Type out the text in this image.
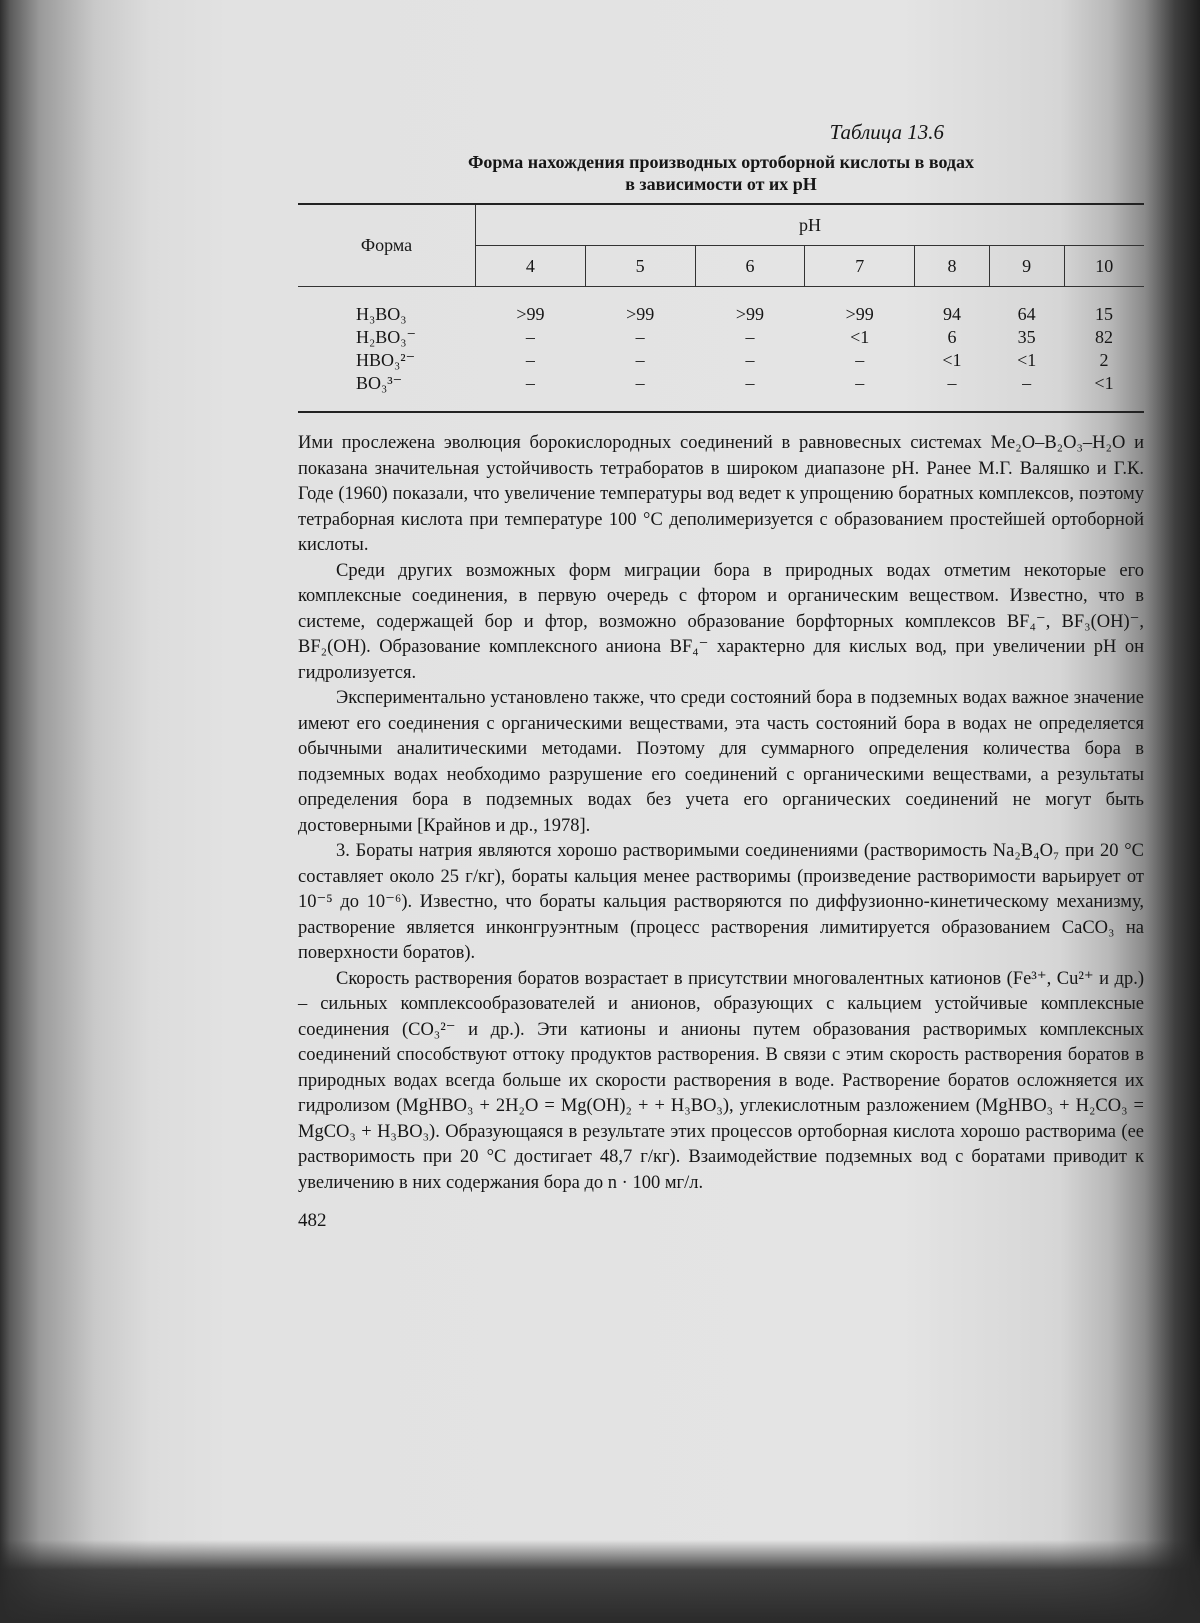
Таблица 13.6
Форма нахождения производных ортоборной кислоты в водах
в зависимости от их pH
Форма	pH						
	4	5	6	7	8	9	10
H₃BO₃	>99	>99	>99	>99	94	64	15
H₂BO₃⁻	–	–	–	<1	6	35	82
HBO₃²⁻	–	–	–	–	<1	<1	2
BO₃³⁻	–	–	–	–	–	–	<1

Ими прослежена эволюция борокислородных соединений в равновесных системах Me₂O–B₂O₃–H₂O и показана значительная устойчивость тетраборатов в широком диапазоне pH. Ранее М.Г. Валяшко и Г.К. Годе (1960) показали, что увеличение температуры вод ведет к упрощению боратных комплексов, поэтому тетраборная кислота при температуре 100 °С деполимеризуется с образованием простейшей ортоборной кислоты.

Среди других возможных форм миграции бора в природных водах отметим некоторые его комплексные соединения, в первую очередь с фтором и органическим веществом. Известно, что в системе, содержащей бор и фтор, возможно образование борфторных комплексов BF₄⁻, BF₃(OH)⁻, BF₂(OH). Образование комплексного аниона BF₄⁻ характерно для кислых вод, при увеличении pH он гидролизуется.

Экспериментально установлено также, что среди состояний бора в подземных водах важное значение имеют его соединения с органическими веществами, эта часть состояний бора в водах не определяется обычными аналитическими методами. Поэтому для суммарного определения количества бора в подземных водах необходимо разрушение его соединений с органическими веществами, а результаты определения бора в подземных водах без учета его органических соединений не могут быть достоверными [Крайнов и др., 1978].

3. Бораты натрия являются хорошо растворимыми соединениями (растворимость Na₂B₄O₇ при 20 °С составляет около 25 г/кг), бораты кальция менее растворимы (произведение растворимости варьирует от 10⁻⁵ до 10⁻⁶). Известно, что бораты кальция растворяются по диффузионно-кинетическому механизму, растворение является инконгруэнтным (процесс растворения лимитируется образованием CaCO₃ на поверхности боратов).

Скорость растворения боратов возрастает в присутствии многовалентных катионов (Fe³⁺, Cu²⁺ и др.) – сильных комплексообразователей и анионов, образующих с кальцием устойчивые комплексные соединения (CO₃²⁻ и др.). Эти катионы и анионы путем образования растворимых комплексных соединений способствуют оттоку продуктов растворения. В связи с этим скорость растворения боратов в природных водах всегда больше их скорости растворения в воде. Растворение боратов осложняется их гидролизом (MgHBO₃ + 2H₂O = Mg(OH)₂ + + H₃BO₃), углекислотным разложением (MgHBO₃ + H₂CO₃ = MgCO₃ + H₃BO₃). Образующаяся в результате этих процессов ортоборная кислота хорошо растворима (ее растворимость при 20 °С достигает 48,7 г/кг). Взаимодействие подземных вод с боратами приводит к увеличению в них содержания бора до n · 100 мг/л.

482
